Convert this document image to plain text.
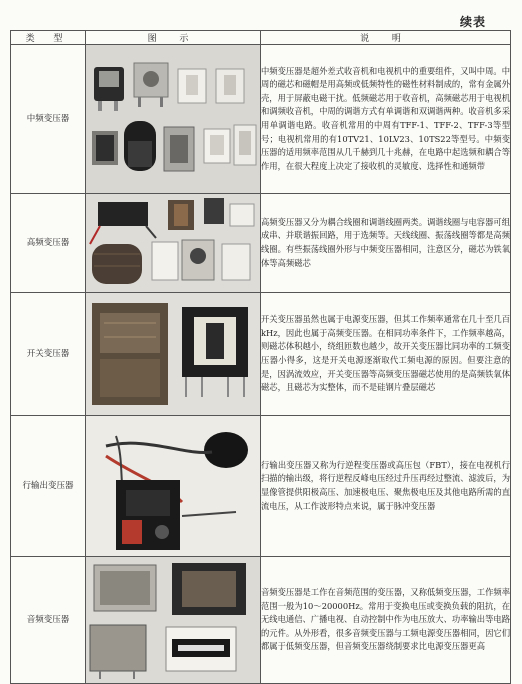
续表
类 型	图 示	说 明
中频变压器		中频变压器是超外差式收音机和电视机中的重要组件，又叫中周。中周的磁芯和磁帽是用高频或低频特性的磁性材料制成的，常有金属外壳，用于屏蔽电磁干扰。低频磁芯用于收音机，高频磁芯用于电视机和调频收音机，中周的调谐方式有单调谐和双调谐两种。收音机多采用单调谐电路。收音机常用的中周有TFF-1、TFF-2、TFF-3等型号；电视机常用的有10TV21、10LV23、10TS22等型号。中频变压器的适用频率范围从几千赫到几十兆赫，在电路中起选频和耦合等作用，在很大程度上决定了接收机的灵敏度、选择性和通频带
高频变压器		高频变压器又分为耦合线圈和调谐线圈两类。调谐线圈与电容器可组成串、并联谐振回路，用于选频等。天线线圈、振荡线圈等都是高频线圈。有些振荡线圈外形与中频变压器相同，注意区分，磁芯为铁氧体等高频磁芯
开关变压器		开关变压器虽然也属于电源变压器，但其工作频率通常在几十至几百kHz，因此也属于高频变压器。在相同功率条件下，工作频率越高，则磁芯体积越小，绕组匝数也越少，故开关变压器比同功率的工频变压器小得多，这是开关电源逐渐取代工频电源的原因。但要注意的是，因涡流效应，开关变压器等高频变压器磁芯使用的是高频铁氧体磁芯，且磁芯为实整体，而不是硅钢片叠层磁芯
行输出变压器		行输出变压器又称为行逆程变压器或高压包（FBT），接在电视机行扫描的输出级，将行逆程反峰电压经过升压再经过整流、滤波后，为显像管提供阳极高压、加速极电压、聚焦极电压及其他电路所需的直流电压，从工作波形特点来说，属于脉冲变压器
音频变压器		音频变压器是工作在音频范围的变压器，又称低频变压器，工作频率范围一般为10～20000Hz。常用于变换电压或变换负载的阻抗，在无线电通信、广播电视、自动控制中作为电压放大、功率输出等电路的元件。从外形看，很多音频变压器与工频电源变压器相同，因它们都属于低频变压器，但音频变压器绕制要求比电源变压器更高
